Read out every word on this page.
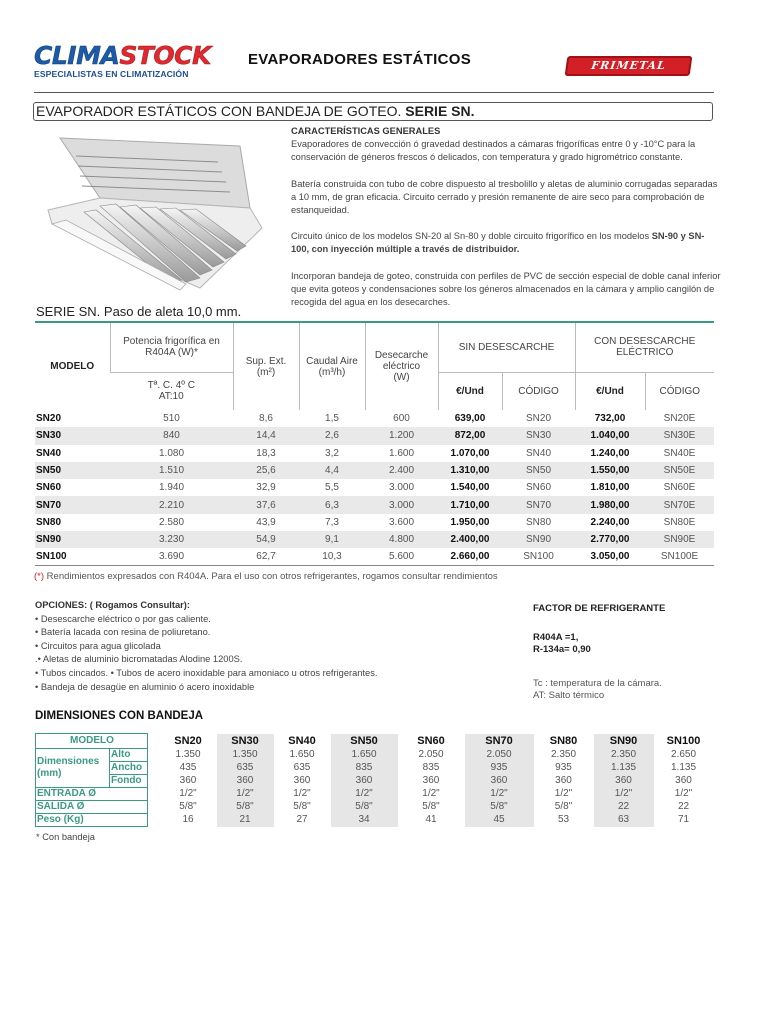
CLIMASTOCK
ESPECIALISTAS EN CLIMATIZACIÓN
EVAPORADORES ESTÁTICOS	FRIMETAL
EVAPORADOR ESTÁTICOS CON BANDEJA DE GOTEO. SERIE SN.
CARACTERÍSTICAS GENERALES

Evaporadores de convección ó gravedad destinados a cámaras frigoríficas entre 0 y -10°C para la conservación de géneros frescos ó delicados, con temperatura y grado higrométrico constante.

Batería construida con tubo de cobre dispuesto al tresbolillo y aletas de aluminio corrugadas separadas a 10 mm, de gran eficacia. Circuito cerrado y presión remanente de aire seco para comprobación de estanqueidad.

Circuito único de los modelos SN-20 al Sn-80 y doble circuito frigorífico en los modelos SN-90 y SN-100, con inyección múltiple a través de distribuidor.

Incorporan bandeja de goteo, construida con perfiles de PVC de sección especial de doble canal inferior que evita goteos y condensaciones sobre los géneros almacenados en la cámara y amplio cangilón de recogida del agua en los desecarches.

SERIE SN. Paso de aleta 10,0 mm.
MODELO	Potencia frigorífica en R404A (W)*	Sup. Ext.
(m²)	Caudal Aire
(m³/h)	Desecarche eléctrico
(W)	SIN DESESCARCHE		CON DESESCARCHE ELÉCTRICO	
	Tª. C. 4º C
AT:10				€/Und	CÓDIGO	€/Und	CÓDIGO
SN20	510	8,6	1,5	600	639,00	SN20	732,00	SN20E
SN30	840	14,4	2,6	1.200	872,00	SN30	1.040,00	SN30E
SN40	1.080	18,3	3,2	1.600	1.070,00	SN40	1.240,00	SN40E
SN50	1.510	25,6	4,4	2.400	1.310,00	SN50	1.550,00	SN50E
SN60	1.940	32,9	5,5	3.000	1.540,00	SN60	1.810,00	SN60E
SN70	2.210	37,6	6,3	3.000	1.710,00	SN70	1.980,00	SN70E
SN80	2.580	43,9	7,3	3.600	1.950,00	SN80	2.240,00	SN80E
SN90	3.230	54,9	9,1	4.800	2.400,00	SN90	2.770,00	SN90E
SN100	3.690	62,7	10,3	5.600	2.660,00	SN100	3.050,00	SN100E
(*) Rendimientos expresados con R404A. Para el uso con otros refrigerantes, rogamos consultar rendimientos
OPCIONES: ( Rogamos Consultar):
• Desescarche eléctrico o por gas caliente.
• Batería lacada con resina de poliuretano.
• Circuitos para agua glicolada
.• Aletas de aluminio bicromatadas Alodine 1200S.
• Tubos cincados. • Tubos de acero inoxidable para amoniaco u otros refrigerantes.
• Bandeja de desagüe en aluminio ó acero inoxidable
FACTOR DE REFRIGERANTE
R404A =1,
R-134a= 0,90
Tc : temperatura de la cámara.
AT: Salto térmico
DIMENSIONES CON BANDEJA
MODELO			SN20	SN30	SN40	SN50	SN60	SN70	SN80	SN90	SN100
Dimensiones (mm)	Alto		1.350	1.350	1.650	1.650	2.050	2.050	2.350	2.350	2.650
	Ancho		435	635	635	835	835	935	935	1.135	1.135
	Fondo		360	360	360	360	360	360	360	360	360
ENTRADA Ø			1/2"	1/2"	1/2"	1/2"	1/2"	1/2"	1/2"	1/2"	1/2"
SALIDA Ø			5/8"	5/8"	5/8"	5/8"	5/8"	5/8"	5/8"	22	22
Peso (Kg)			16	21	27	34	41	45	53	63	71
* Con bandeja
